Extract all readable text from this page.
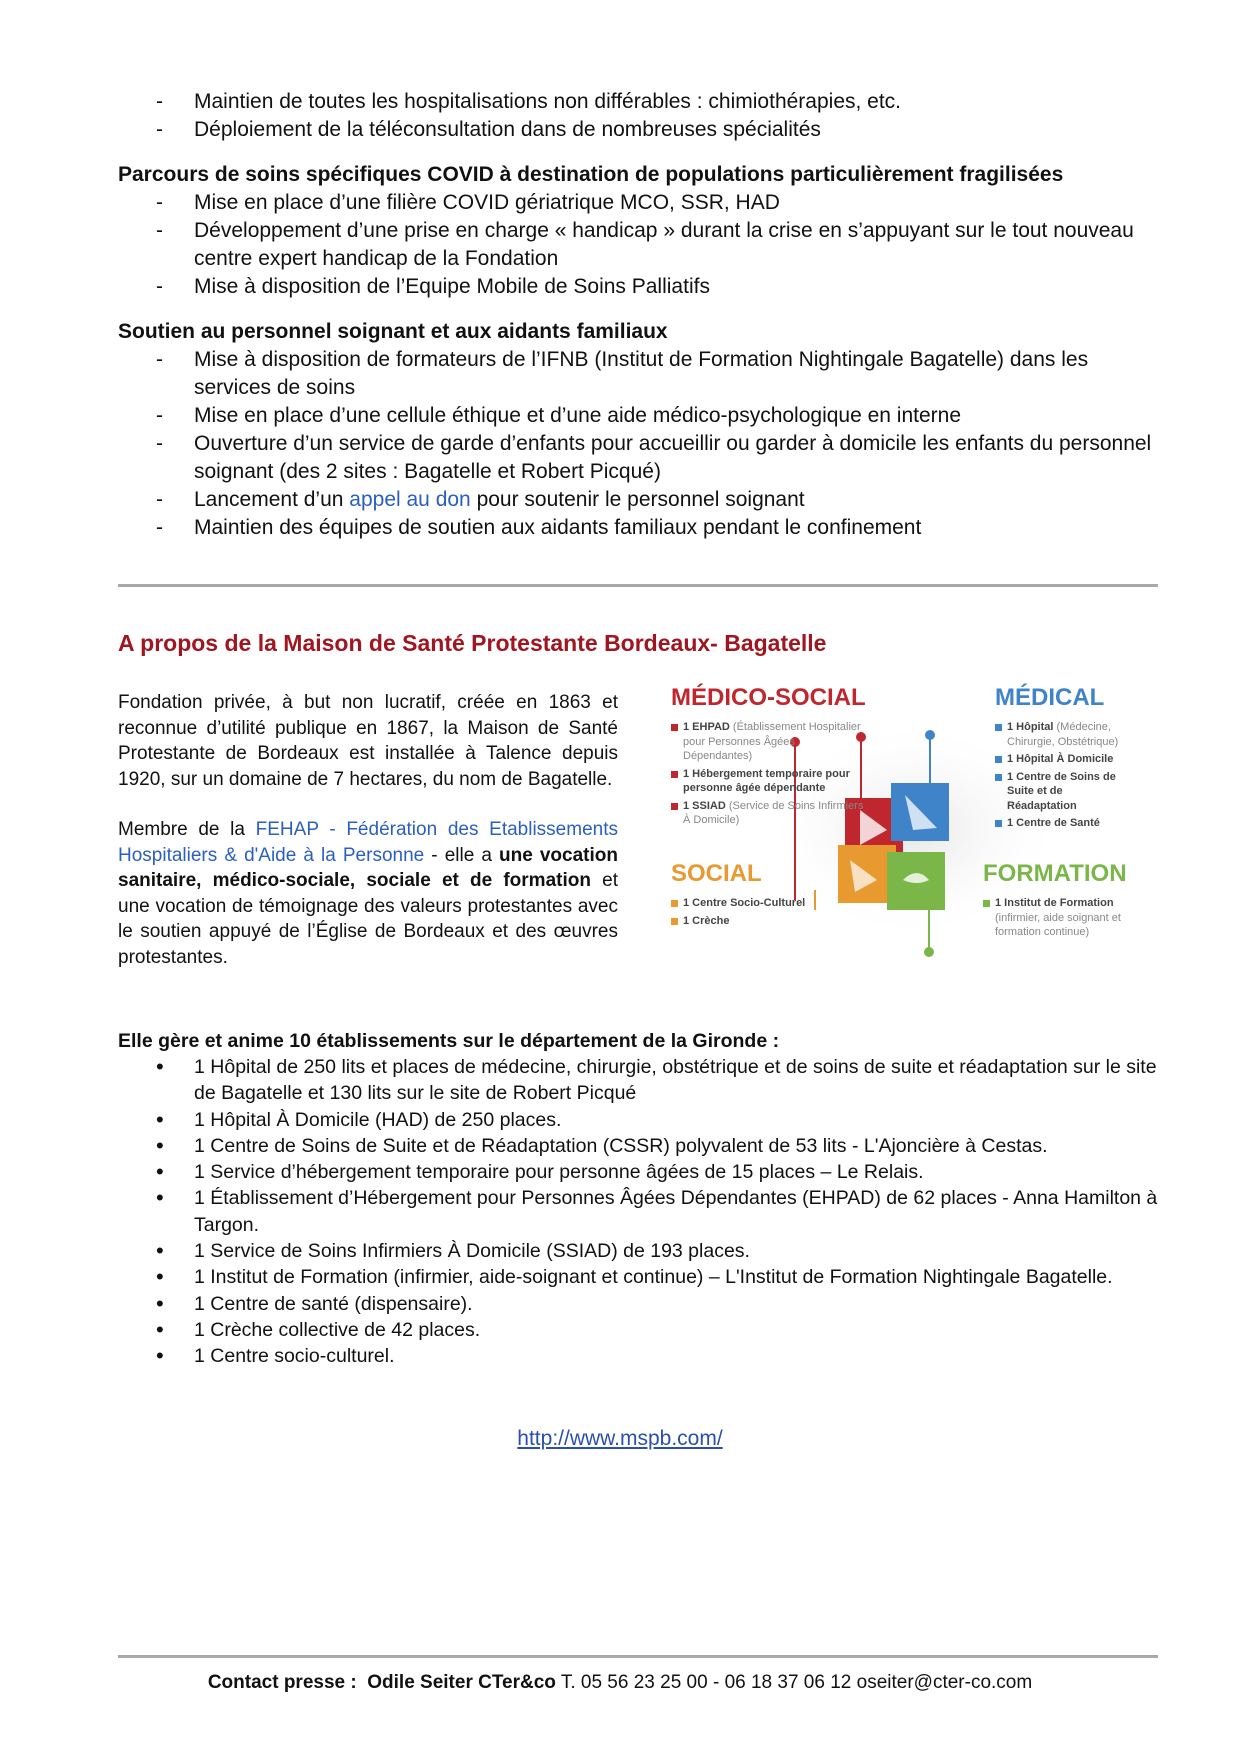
- Maintien de toutes les hospitalisations non différables : chimiothérapies, etc.
- Déploiement de la téléconsultation dans de nombreuses spécialités
Parcours de soins spécifiques COVID à destination de populations particulièrement fragilisées
- Mise en place d’une filière COVID gériatrique MCO, SSR, HAD
- Développement d’une prise en charge « handicap » durant la crise en s’appuyant sur le tout nouveau centre expert handicap de la Fondation
- Mise à disposition de l’Equipe Mobile de Soins Palliatifs
Soutien au personnel soignant et aux aidants familiaux
- Mise à disposition de formateurs de l’IFNB (Institut de Formation Nightingale Bagatelle) dans les services de soins
- Mise en place d’une cellule éthique et d’une aide médico-psychologique en interne
- Ouverture d’un service de garde d’enfants pour accueillir ou garder à domicile les enfants du personnel soignant (des 2 sites : Bagatelle et Robert Picqué)
- Lancement d’un appel au don pour soutenir le personnel soignant
- Maintien des équipes de soutien aux aidants familiaux pendant le confinement
A propos de la Maison de Santé Protestante Bordeaux- Bagatelle

Fondation privée, à but non lucratif, créée en 1863 et reconnue d’utilité publique en 1867, la Maison de Santé Protestante de Bordeaux est installée à Talence depuis 1920, sur un domaine de 7 hectares, du nom de Bagatelle.

Membre de la FEHAP - Fédération des Etablissements Hospitaliers & d'Aide à la Personne - elle a une vocation sanitaire, médico-sociale, sociale et de formation et une vocation de témoignage des valeurs protestantes avec le soutien appuyé de l’Église de Bordeaux et des œuvres protestantes.

MÉDICO-SOCIAL
1 EHPAD (Établissement Hospitalier pour Personnes Âgées Dépendantes)
1 Hébergement temporaire pour personne âgée dépendante
1 SSIAD (Service de Soins Infirmiers À Domicile)
MÉDICAL
1 Hôpital (Médecine, Chirurgie, Obstétrique)
1 Hôpital À Domicile
1 Centre de Soins de Suite et de Réadaptation
1 Centre de Santé
SOCIAL
1 Centre Socio-Culturel
1 Crèche
FORMATION
1 Institut de Formation (infirmier, aide soignant et formation continue)
Elle gère et anime 10 établissements sur le département de la Gironde :
• 1 Hôpital de 250 lits et places de médecine, chirurgie, obstétrique et de soins de suite et réadaptation sur le site de Bagatelle et 130 lits sur le site de Robert Picqué
• 1 Hôpital À Domicile (HAD) de 250 places.
• 1 Centre de Soins de Suite et de Réadaptation (CSSR) polyvalent de 53 lits - L'Ajoncière à Cestas.
• 1 Service d’hébergement temporaire pour personne âgées de 15 places – Le Relais.
• 1 Établissement d’Hébergement pour Personnes Âgées Dépendantes (EHPAD) de 62 places - Anna Hamilton à Targon.
• 1 Service de Soins Infirmiers À Domicile (SSIAD) de 193 places.
• 1 Institut de Formation (infirmier, aide-soignant et continue) – L'Institut de Formation Nightingale Bagatelle.
• 1 Centre de santé (dispensaire).
• 1 Crèche collective de 42 places.
• 1 Centre socio-culturel.
http://www.mspb.com/
Contact presse : Odile Seiter CTer&co T. 05 56 23 25 00 - 06 18 37 06 12 oseiter@cter-co.com
